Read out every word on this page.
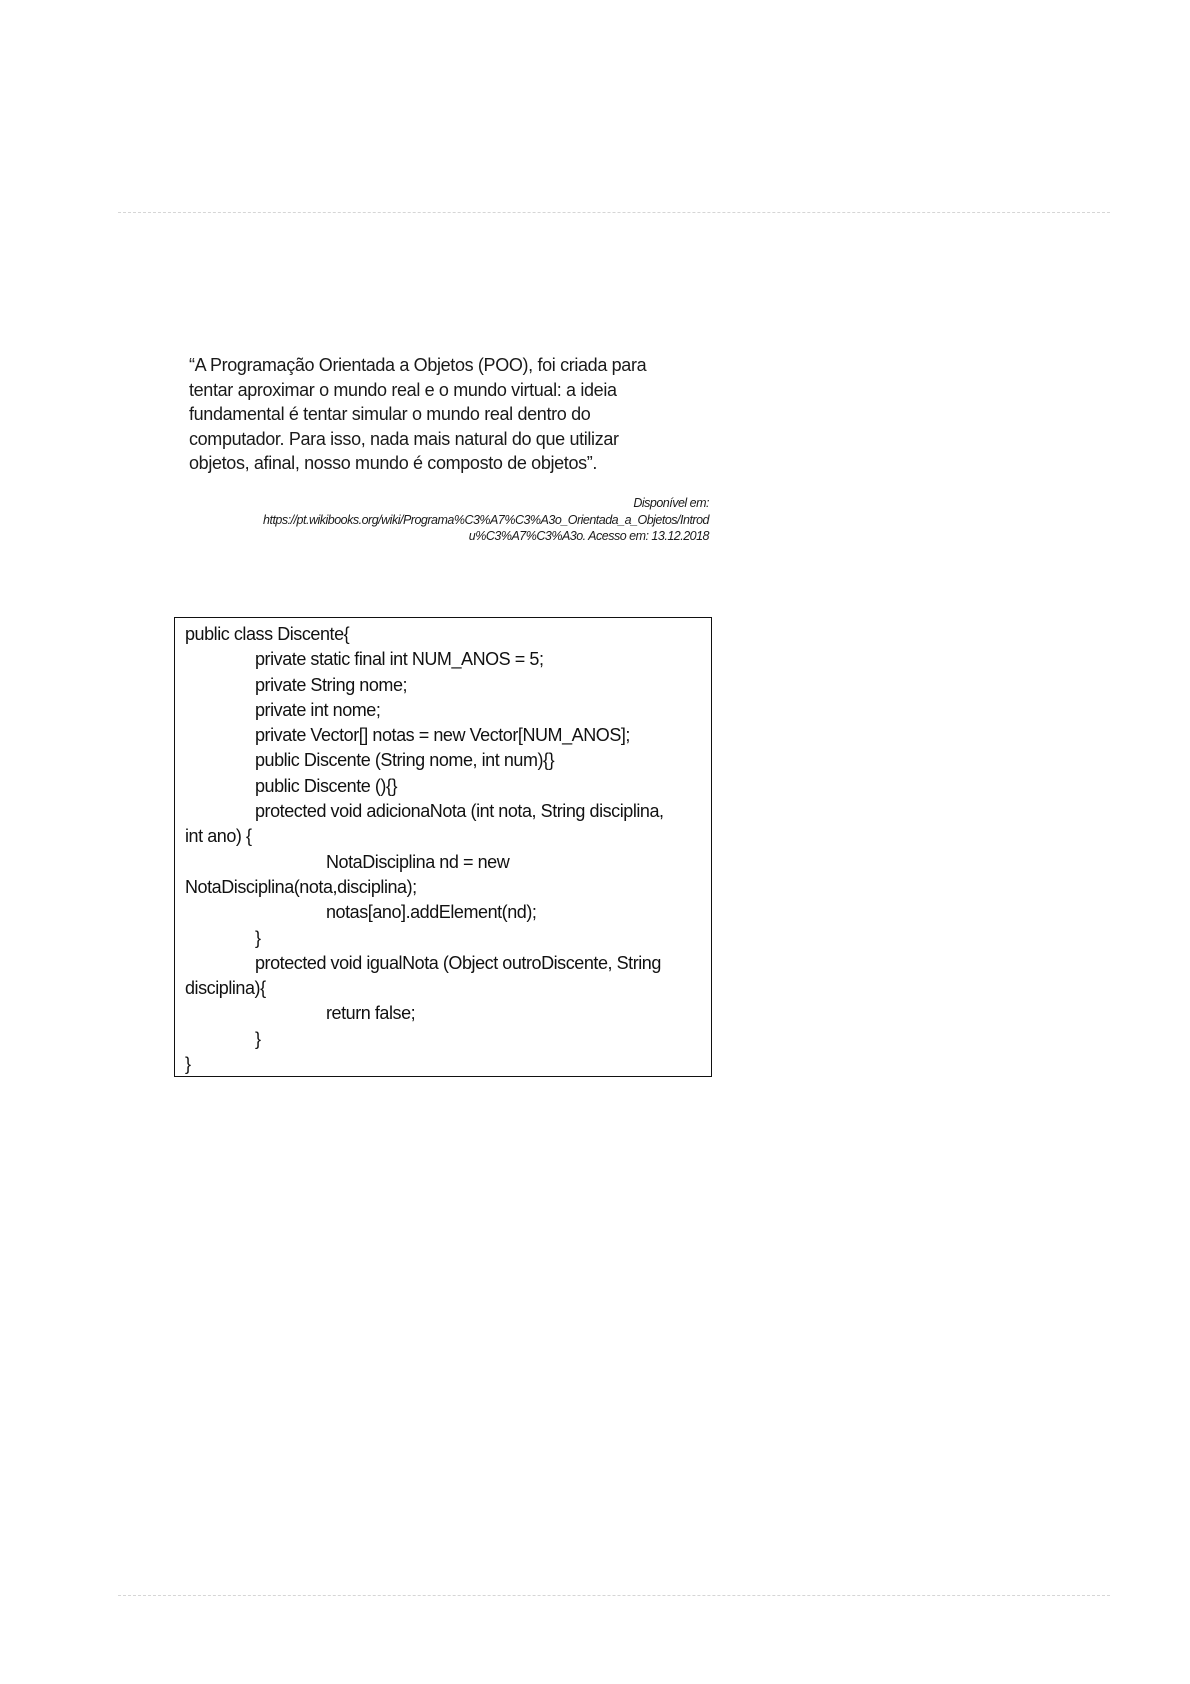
“A Programação Orientada a Objetos (POO), foi criada para
tentar aproximar o mundo real e o mundo virtual: a ideia
fundamental é tentar simular o mundo real dentro do
computador. Para isso, nada mais natural do que utilizar
objetos, afinal, nosso mundo é composto de objetos”.
Disponível em:
https://pt.wikibooks.org/wiki/Programa%C3%A7%C3%A3o_Orientada_a_Objetos/Introd
u%C3%A7%C3%A3o. Acesso em: 13.12.2018
public class Discente{
private static final int NUM_ANOS = 5;
private String nome;
private int nome;
private Vector[] notas = new Vector[NUM_ANOS];
public Discente (String nome, int num){}
public Discente (){}
protected void adicionaNota (int nota, String disciplina,
int ano) {
NotaDisciplina nd = new
NotaDisciplina(nota,disciplina);
notas[ano].addElement(nd);
}
protected void igualNota (Object outroDiscente, String
disciplina){
return false;
}
}
